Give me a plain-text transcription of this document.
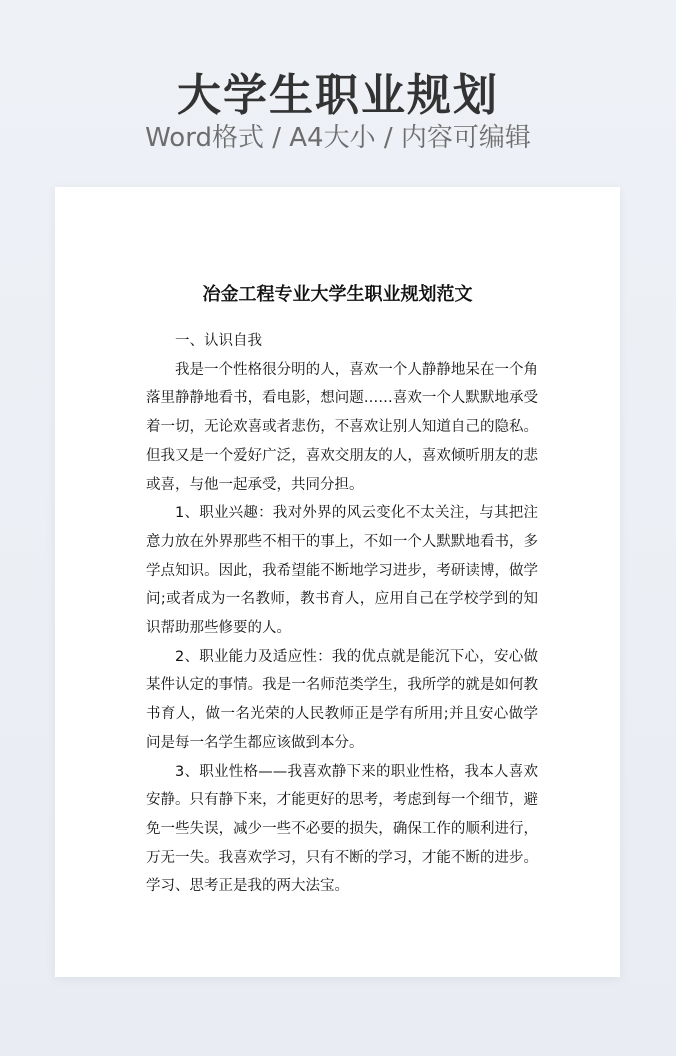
大学生职业规划
Word格式 / A4大小 / 内容可编辑
冶金工程专业大学生职业规划范文

一、认识自我

我是一个性格很分明的人，喜欢一个人静静地呆在一个角落里静静地看书，看电影，想问题……喜欢一个人默默地承受着一切，无论欢喜或者悲伤，不喜欢让别人知道自己的隐私。但我又是一个爱好广泛，喜欢交朋友的人，喜欢倾听朋友的悲或喜，与他一起承受，共同分担。

1、职业兴趣：我对外界的风云变化不太关注，与其把注意力放在外界那些不相干的事上，不如一个人默默地看书，多学点知识。因此，我希望能不断地学习进步，考研读博，做学问;或者成为一名教师，教书育人，应用自己在学校学到的知识帮助那些修要的人。

2、职业能力及适应性：我的优点就是能沉下心，安心做某件认定的事情。我是一名师范类学生，我所学的就是如何教书育人，做一名光荣的人民教师正是学有所用;并且安心做学问是每一名学生都应该做到本分。

3、职业性格——我喜欢静下来的职业性格，我本人喜欢安静。只有静下来，才能更好的思考，考虑到每一个细节，避免一些失误，减少一些不必要的损失，确保工作的顺利进行，万无一失。我喜欢学习，只有不断的学习，才能不断的进步。学习、思考正是我的两大法宝。
